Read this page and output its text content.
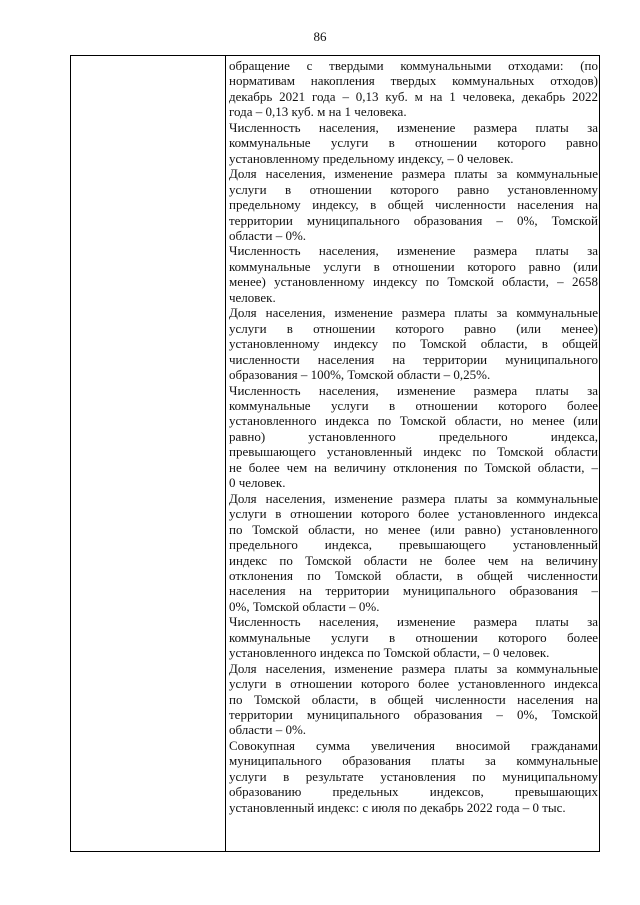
86
обращение с твердыми коммунальными отходами: (по
нормативам накопления твердых коммунальных отходов)
декабрь 2021 года – 0,13 куб. м на 1 человека, декабрь 2022
года – 0,13 куб. м на 1 человека.
Численность населения, изменение размера платы за
коммунальные услуги в отношении которого равно
установленному предельному индексу, – 0 человек.
Доля населения, изменение размера платы за коммунальные
услуги в отношении которого равно установленному
предельному индексу, в общей численности населения на
территории муниципального образования – 0%, Томской
области – 0%.
Численность населения, изменение размера платы за
коммунальные услуги в отношении которого равно (или
менее) установленному индексу по Томской области, – 2658
человек.
Доля населения, изменение размера платы за коммунальные
услуги в отношении которого равно (или менее)
установленному индексу по Томской области, в общей
численности населения на территории муниципального
образования – 100%, Томской области – 0,25%.
Численность населения, изменение размера платы за
коммунальные услуги в отношении которого более
установленного индекса по Томской области, но менее (или
равно) установленного предельного индекса,
превышающего установленный индекс по Томской области
не более чем на величину отклонения по Томской области, –
0 человек.
Доля населения, изменение размера платы за коммунальные
услуги в отношении которого более установленного индекса
по Томской области, но менее (или равно) установленного
предельного индекса, превышающего установленный
индекс по Томской области не более чем на величину
отклонения по Томской области, в общей численности
населения на территории муниципального образования –
0%, Томской области – 0%.
Численность населения, изменение размера платы за
коммунальные услуги в отношении которого более
установленного индекса по Томской области, – 0 человек.
Доля населения, изменение размера платы за коммунальные
услуги в отношении которого более установленного индекса
по Томской области, в общей численности населения на
территории муниципального образования – 0%, Томской
области – 0%.
Совокупная сумма увеличения вносимой гражданами
муниципального образования платы за коммунальные
услуги в результате установления по муниципальному
образованию предельных индексов, превышающих
установленный индекс: с июля по декабрь 2022 года – 0 тыс.
